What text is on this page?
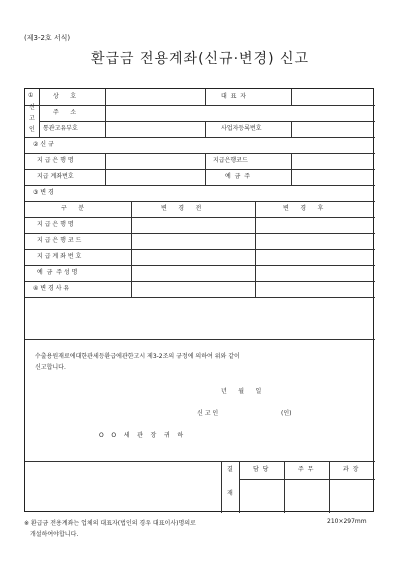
(제3-2호 서식)
환급금 전용계좌(신규·변경) 신고
①
신
고
인
상      호	대  표  자
주      소
통관고유부호	사업자등록번호
② 신 규
지 급 은 행 명	지급은행코드
지급 계좌번호	예  금  주
③ 변 경
구      분	변      경      전	변      경      후
지 급 은 행 명
지 급 은 행 코 드
지 급 계 좌 번 호
예  금  주 성 명
④ 변 경 사 유
수출용원재료에대한관세등환급에관한고시 제3-2조의 규정에 의하여 위와 같이
신고합니다.
년      월      일
신 고 인	(인)
O    O    세    관    장    귀    하
결
재
담  당	주  무	과  장
※ 환급금 전용계좌는 업체의 대표자(법인의 경우 대표이사)명의로
개설하여야합니다.
210×297mm
